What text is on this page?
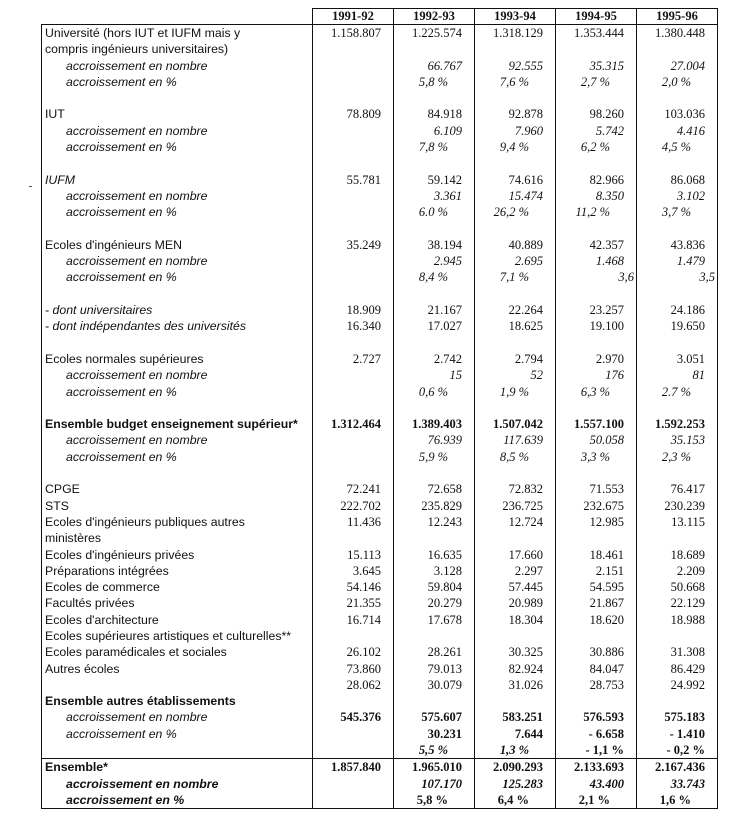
	1991-92	1992-93	1993-94	1994-95	1995-96
Université (hors IUT et IUFM mais y	1.158.807	1.225.574	1.318.129	1.353.444	1.380.448
compris ingénieurs universitaires)					
accroissement en nombre		66.767	92.555	35.315	27.004
accroissement en %		5,8 %	7,6 %	2,7 %	2,0 %

IUT	78.809	84.918	92.878	98.260	103.036
accroissement en nombre		6.109	7.960	5.742	4.416
accroissement en %		7,8 %	9,4 %	6,2 %	4,5 %

IUFM	55.781	59.142	74.616	82.966	86.068
accroissement en nombre		3.361	15.474	8.350	3.102
accroissement en %		6.0 %	26,2 %	11,2 %	3,7 %

Ecoles d'ingénieurs MEN	35.249	38.194	40.889	42.357	43.836
accroissement en nombre		2.945	2.695	1.468	1.479
accroissement en %		8,4 %	7,1 %	3,6	3,5

- dont universitaires	18.909	21.167	22.264	23.257	24.186
- dont indépendantes des universités	16.340	17.027	18.625	19.100	19.650

Ecoles normales supérieures	2.727	2.742	2.794	2.970	3.051
accroissement en nombre		15	52	176	81
accroissement en %		0,6 %	1,9 %	6,3 %	2.7 %

Ensemble budget enseignement supérieur*	1.312.464	1.389.403	1.507.042	1.557.100	1.592.253
accroissement en nombre		76.939	117.639	50.058	35.153
accroissement en %		5,9 %	8,5 %	3,3 %	2,3 %

CPGE	72.241	72.658	72.832	71.553	76.417
STS	222.702	235.829	236.725	232.675	230.239
Ecoles d'ingénieurs publiques autres	11.436	12.243	12.724	12.985	13.115
ministères					
Ecoles d'ingénieurs privées	15.113	16.635	17.660	18.461	18.689
Préparations intégrées	3.645	3.128	2.297	2.151	2.209
Ecoles de commerce	54.146	59.804	57.445	54.595	50.668
Facultés privées	21.355	20.279	20.989	21.867	22.129
Ecoles d'architecture	16.714	17.678	18.304	18.620	18.988
Ecoles supérieures artistiques et culturelles**					
Ecoles paramédicales et sociales	26.102	28.261	30.325	30.886	31.308
Autres écoles	73.860	79.013	82.924	84.047	86.429
	28.062	30.079	31.026	28.753	24.992
Ensemble autres établissements					
accroissement en nombre	545.376	575.607	583.251	576.593	575.183
accroissement en %		30.231	7.644	- 6.658	- 1.410
		5,5 %	1,3 %	- 1,1 %	- 0,2 %
Ensemble*	1.857.840	1.965.010	2.090.293	2.133.693	2.167.436
accroissement en nombre		107.170	125.283	43.400	33.743
accroissement en %		5,8 %	6,4 %	2,1 %	1,6 %
